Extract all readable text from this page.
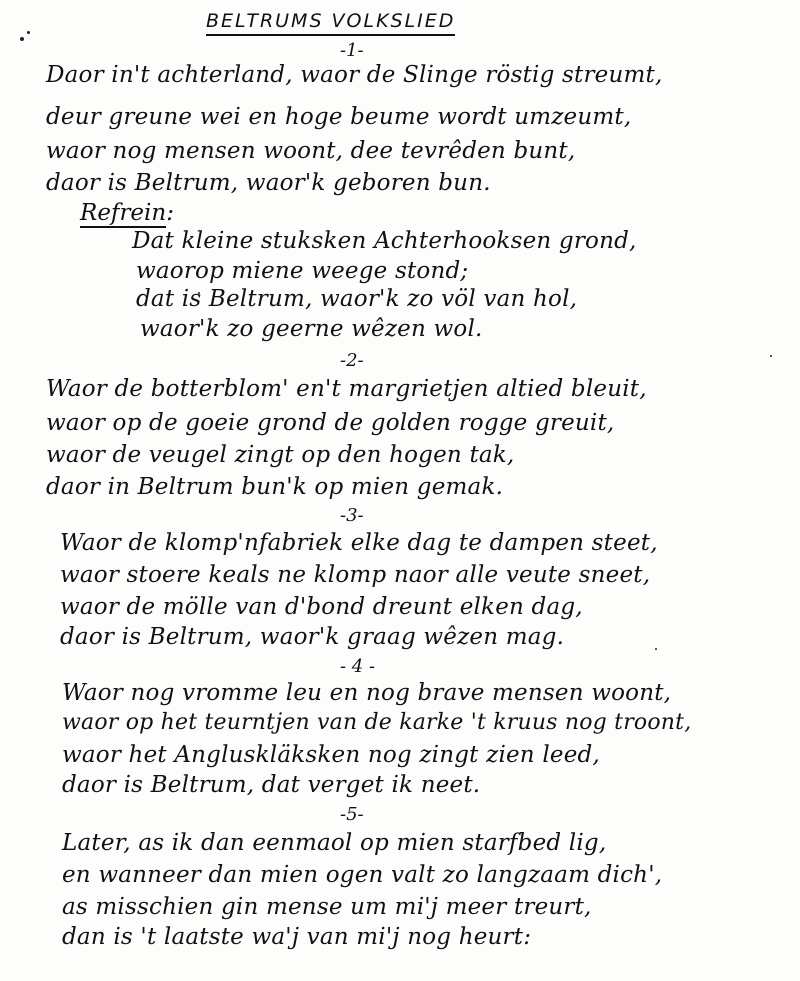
BELTRUMS VOLKSLIED
-1-
Daor in't achterland, waor de Slinge röstig streumt,
deur greune wei en hoge beume wordt umzeumt,
waor nog mensen woont, dee tevrêden bunt,
daor is Beltrum, waor'k geboren bun.
Refrein:
Dat kleine stuksken Achterhooksen grond,
waorop miene weege stond;
dat is Beltrum, waor'k zo völ van hol,
waor'k zo geerne wêzen wol.
-2-
Waor de botterblom' en't margrietjen altied bleuit,
waor op de goeie grond de golden rogge greuit,
waor de veugel zingt op den hogen tak,
daor in Beltrum bun'k op mien gemak.
-3-
Waor de klomp'nfabriek elke dag te dampen steet,
waor stoere keals ne klomp naor alle veute sneet,
waor de mölle van d'bond dreunt elken dag,
daor is Beltrum, waor'k graag wêzen mag.
- 4 -
Waor nog vromme leu en nog brave mensen woont,
waor op het teurntjen van de karke 't kruus nog troont,
waor het Angluskläksken nog zingt zien leed,
daor is Beltrum, dat verget ik neet.
-5-
Later, as ik dan eenmaol op mien starfbed lig,
en wanneer dan mien ogen valt zo langzaam dich',
as misschien gin mense um mi'j meer treurt,
dan is 't laatste wa'j van mi'j nog heurt:
